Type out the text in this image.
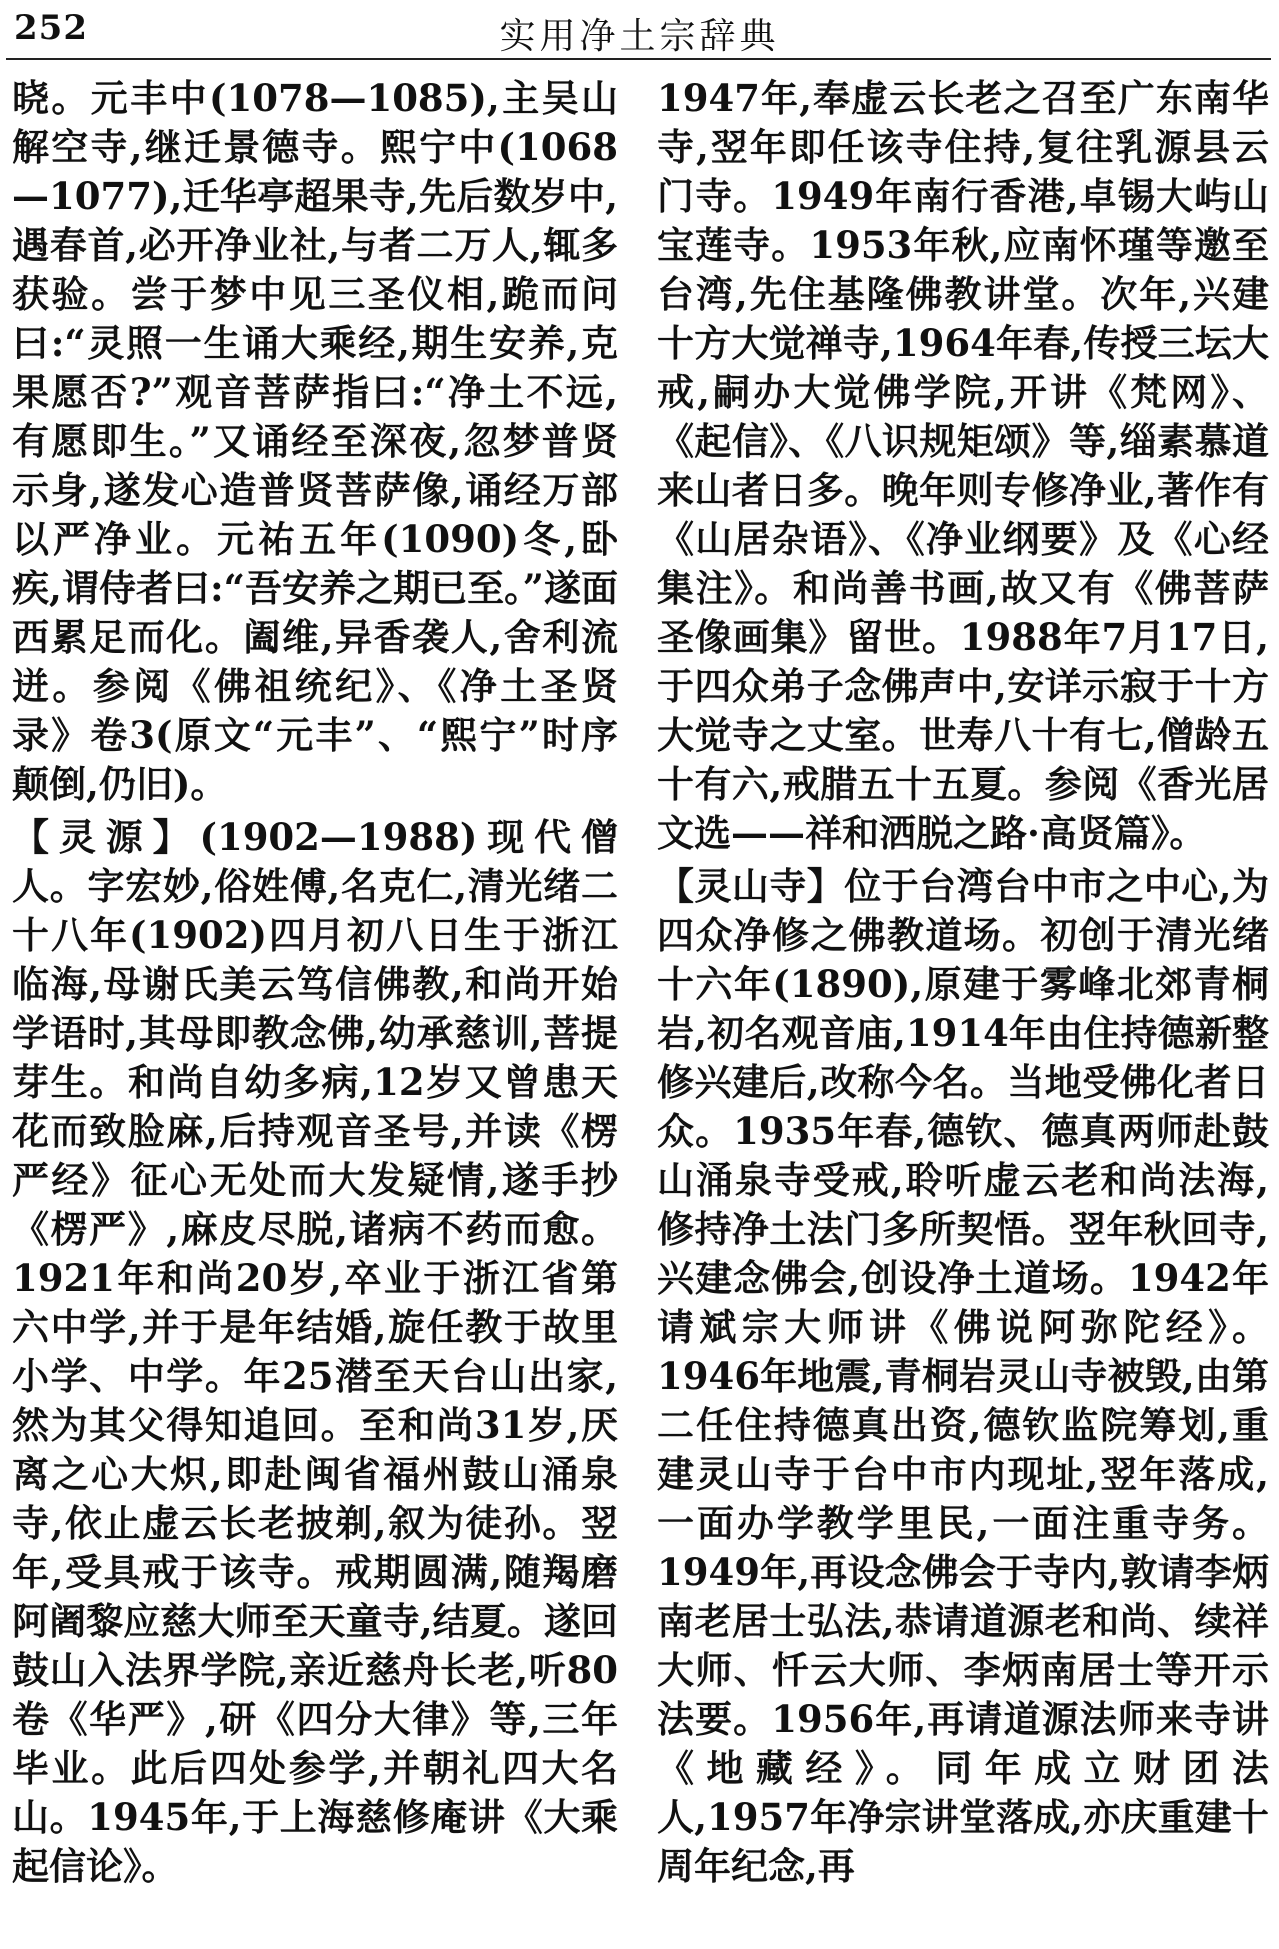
252	实用净土宗辞典

晓。元丰中(1078—1085),主吴山解空寺,继迁景德寺。熙宁中(1068—1077),迁华亭超果寺,先后数岁中,遇春首,必开净业社,与者二万人,辄多获验。尝于梦中见三圣仪相,跪而问曰:“灵照一生诵大乘经,期生安养,克果愿否?”观音菩萨指曰:“净土不远,有愿即生。”又诵经至深夜,忽梦普贤示身,遂发心造普贤菩萨像,诵经万部以严净业。元祐五年(1090)冬,卧疾,谓侍者曰:“吾安养之期已至。”遂面西累足而化。阖维,异香袭人,舍利流迸。参阅《佛祖统纪》、《净土圣贤录》卷3(原文“元丰”、“熙宁”时序颠倒,仍旧)。

【灵源】(1902—1988)现代僧人。字宏妙,俗姓傅,名克仁,清光绪二十八年(1902)四月初八日生于浙江临海,母谢氏美云笃信佛教,和尚开始学语时,其母即教念佛,幼承慈训,菩提芽生。和尚自幼多病,12岁又曾患天花而致脸麻,后持观音圣号,并读《楞严经》征心无处而大发疑情,遂手抄《楞严》,麻皮尽脱,诸病不药而愈。1921年和尚20岁,卒业于浙江省第六中学,并于是年结婚,旋任教于故里小学、中学。年25潜至天台山出家,然为其父得知追回。至和尚31岁,厌离之心大炽,即赴闽省福州鼓山涌泉寺,依止虚云长老披剃,叙为徒孙。翌年,受具戒于该寺。戒期圆满,随羯磨阿阇黎应慈大师至天童寺,结夏。遂回鼓山入法界学院,亲近慈舟长老,听80卷《华严》,研《四分大律》等,三年毕业。此后四处参学,并朝礼四大名山。1945年,于上海慈修庵讲《大乘起信论》。

1947年,奉虚云长老之召至广东南华寺,翌年即任该寺住持,复往乳源县云门寺。1949年南行香港,卓锡大屿山宝莲寺。1953年秋,应南怀瑾等邀至台湾,先住基隆佛教讲堂。次年,兴建十方大觉禅寺,1964年春,传授三坛大戒,嗣办大觉佛学院,开讲《梵网》、《起信》、《八识规矩颂》等,缁素慕道来山者日多。晚年则专修净业,著作有《山居杂语》、《净业纲要》及《心经集注》。和尚善书画,故又有《佛菩萨圣像画集》留世。1988年7月17日,于四众弟子念佛声中,安详示寂于十方大觉寺之丈室。世寿八十有七,僧龄五十有六,戒腊五十五夏。参阅《香光居文选——祥和洒脱之路·高贤篇》。

【灵山寺】位于台湾台中市之中心,为四众净修之佛教道场。初创于清光绪十六年(1890),原建于雾峰北郊青桐岩,初名观音庙,1914年由住持德新整修兴建后,改称今名。当地受佛化者日众。1935年春,德钦、德真两师赴鼓山涌泉寺受戒,聆听虚云老和尚法海,修持净土法门多所契悟。翌年秋回寺,兴建念佛会,创设净土道场。1942年请斌宗大师讲《佛说阿弥陀经》。1946年地震,青桐岩灵山寺被毁,由第二任住持德真出资,德钦监院筹划,重建灵山寺于台中市内现址,翌年落成,一面办学教学里民,一面注重寺务。1949年,再设念佛会于寺内,敦请李炳南老居士弘法,恭请道源老和尚、续祥大师、忏云大师、李炳南居士等开示法要。1956年,再请道源法师来寺讲《地藏经》。同年成立财团法人,1957年净宗讲堂落成,亦庆重建十周年纪念,再
